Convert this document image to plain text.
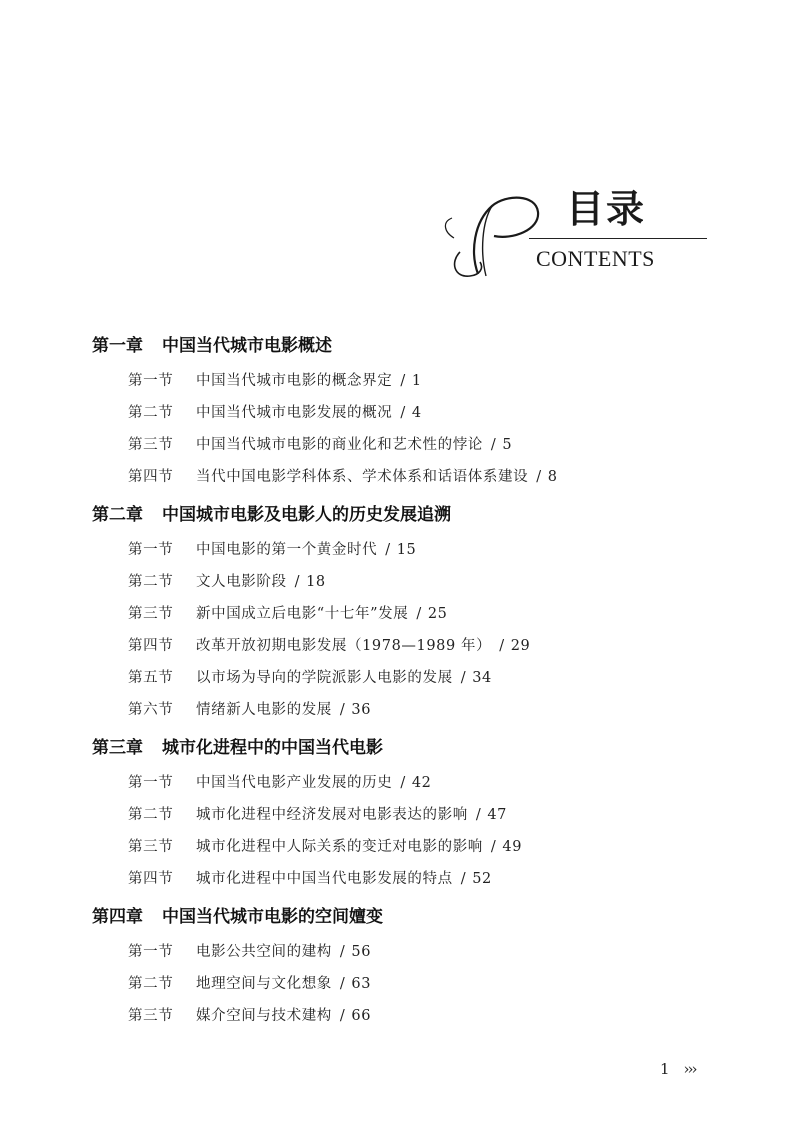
目录
CONTENTS
第一章 中国当代城市电影概述
第一节 中国当代城市电影的概念界定 / 1
第二节 中国当代城市电影发展的概况 / 4
第三节 中国当代城市电影的商业化和艺术性的悖论 / 5
第四节 当代中国电影学科体系、学术体系和话语体系建设 / 8
第二章 中国城市电影及电影人的历史发展追溯
第一节 中国电影的第一个黄金时代 / 15
第二节 文人电影阶段 / 18
第三节 新中国成立后电影“十七年”发展 / 25
第四节 改革开放初期电影发展（1978—1989 年） / 29
第五节 以市场为导向的学院派影人电影的发展 / 34
第六节 情绪新人电影的发展 / 36
第三章 城市化进程中的中国当代电影
第一节 中国当代电影产业发展的历史 / 42
第二节 城市化进程中经济发展对电影表达的影响 / 47
第三节 城市化进程中人际关系的变迁对电影的影响 / 49
第四节 城市化进程中中国当代电影发展的特点 / 52
第四章 中国当代城市电影的空间嬗变
第一节 电影公共空间的建构 / 56
第二节 地理空间与文化想象 / 63
第三节 媒介空间与技术建构 / 66
1 ›››
